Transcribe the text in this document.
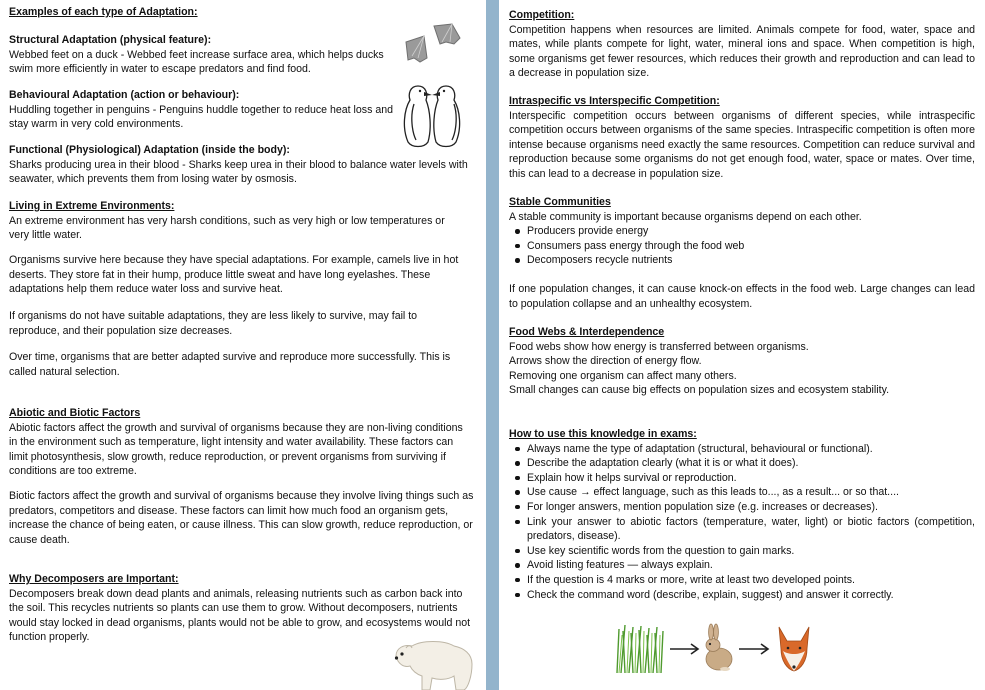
Examples of each type of Adaptation:
Structural Adaptation (physical feature):
Webbed feet on a duck - Webbed feet increase surface area, which helps ducks swim more efficiently in water to escape predators and find food.
Behavioural Adaptation (action or behaviour):
Huddling together in penguins - Penguins huddle together to reduce heat loss and stay warm in very cold environments.
Functional (Physiological) Adaptation (inside the body):
Sharks producing urea in their blood - Sharks keep urea in their blood to balance water levels with seawater, which prevents them from losing water by osmosis.
Living in Extreme Environments:
An extreme environment has very harsh conditions, such as very high or low temperatures or very little water.
Organisms survive here because they have special adaptations. For example, camels live in hot deserts. They store fat in their hump, produce little sweat and have long eyelashes. These adaptations help them reduce water loss and survive heat.
If organisms do not have suitable adaptations, they are less likely to survive, may fail to reproduce, and their population size decreases.
Over time, organisms that are better adapted survive and reproduce more successfully. This is called natural selection.
Abiotic and Biotic Factors
Abiotic factors affect the growth and survival of organisms because they are non-living conditions in the environment such as temperature, light intensity and water availability. These factors can limit photosynthesis, slow growth, reduce reproduction, or prevent organisms from surviving if conditions are too extreme.
Biotic factors affect the growth and survival of organisms because they involve living things such as predators, competitors and disease. These factors can limit how much food an organism gets, increase the chance of being eaten, or cause illness. This can slow growth, reduce reproduction, or cause death.
Why Decomposers are Important:
Decomposers break down dead plants and animals, releasing nutrients such as carbon back into the soil. This recycles nutrients so plants can use them to grow. Without decomposers, nutrients would stay locked in dead organisms, plants would not be able to grow, and ecosystems would not function properly.
Competition:
Competition happens when resources are limited. Animals compete for food, water, space and mates, while plants compete for light, water, mineral ions and space. When competition is high, some organisms get fewer resources, which reduces their growth and reproduction and can lead to a decrease in population size.
Intraspecific vs Interspecific Competition:
Interspecific competition occurs between organisms of different species, while intraspecific competition occurs between organisms of the same species. Intraspecific competition is often more intense because organisms need exactly the same resources. Competition can reduce survival and reproduction because some organisms do not get enough food, water, space or mates. Over time, this can lead to a decrease in population size.
Stable Communities
A stable community is important because organisms depend on each other.
Producers provide energy
Consumers pass energy through the food web
Decomposers recycle nutrients
If one population changes, it can cause knock-on effects in the food web. Large changes can lead to population collapse and an unhealthy ecosystem.
Food Webs & Interdependence
Food webs show how energy is transferred between organisms.
Arrows show the direction of energy flow.
Removing one organism can affect many others.
Small changes can cause big effects on population sizes and ecosystem stability.
How to use this knowledge in exams:
Always name the type of adaptation (structural, behavioural or functional).
Describe the adaptation clearly (what it is or what it does).
Explain how it helps survival or reproduction.
Use cause → effect language, such as this leads to..., as a result... or so that....
For longer answers, mention population size (e.g. increases or decreases).
Link your answer to abiotic factors (temperature, water, light) or biotic factors (competition, predators, disease).
Use key scientific words from the question to gain marks.
Avoid listing features — always explain.
If the question is 4 marks or more, write at least two developed points.
Check the command word (describe, explain, suggest) and answer it correctly.
